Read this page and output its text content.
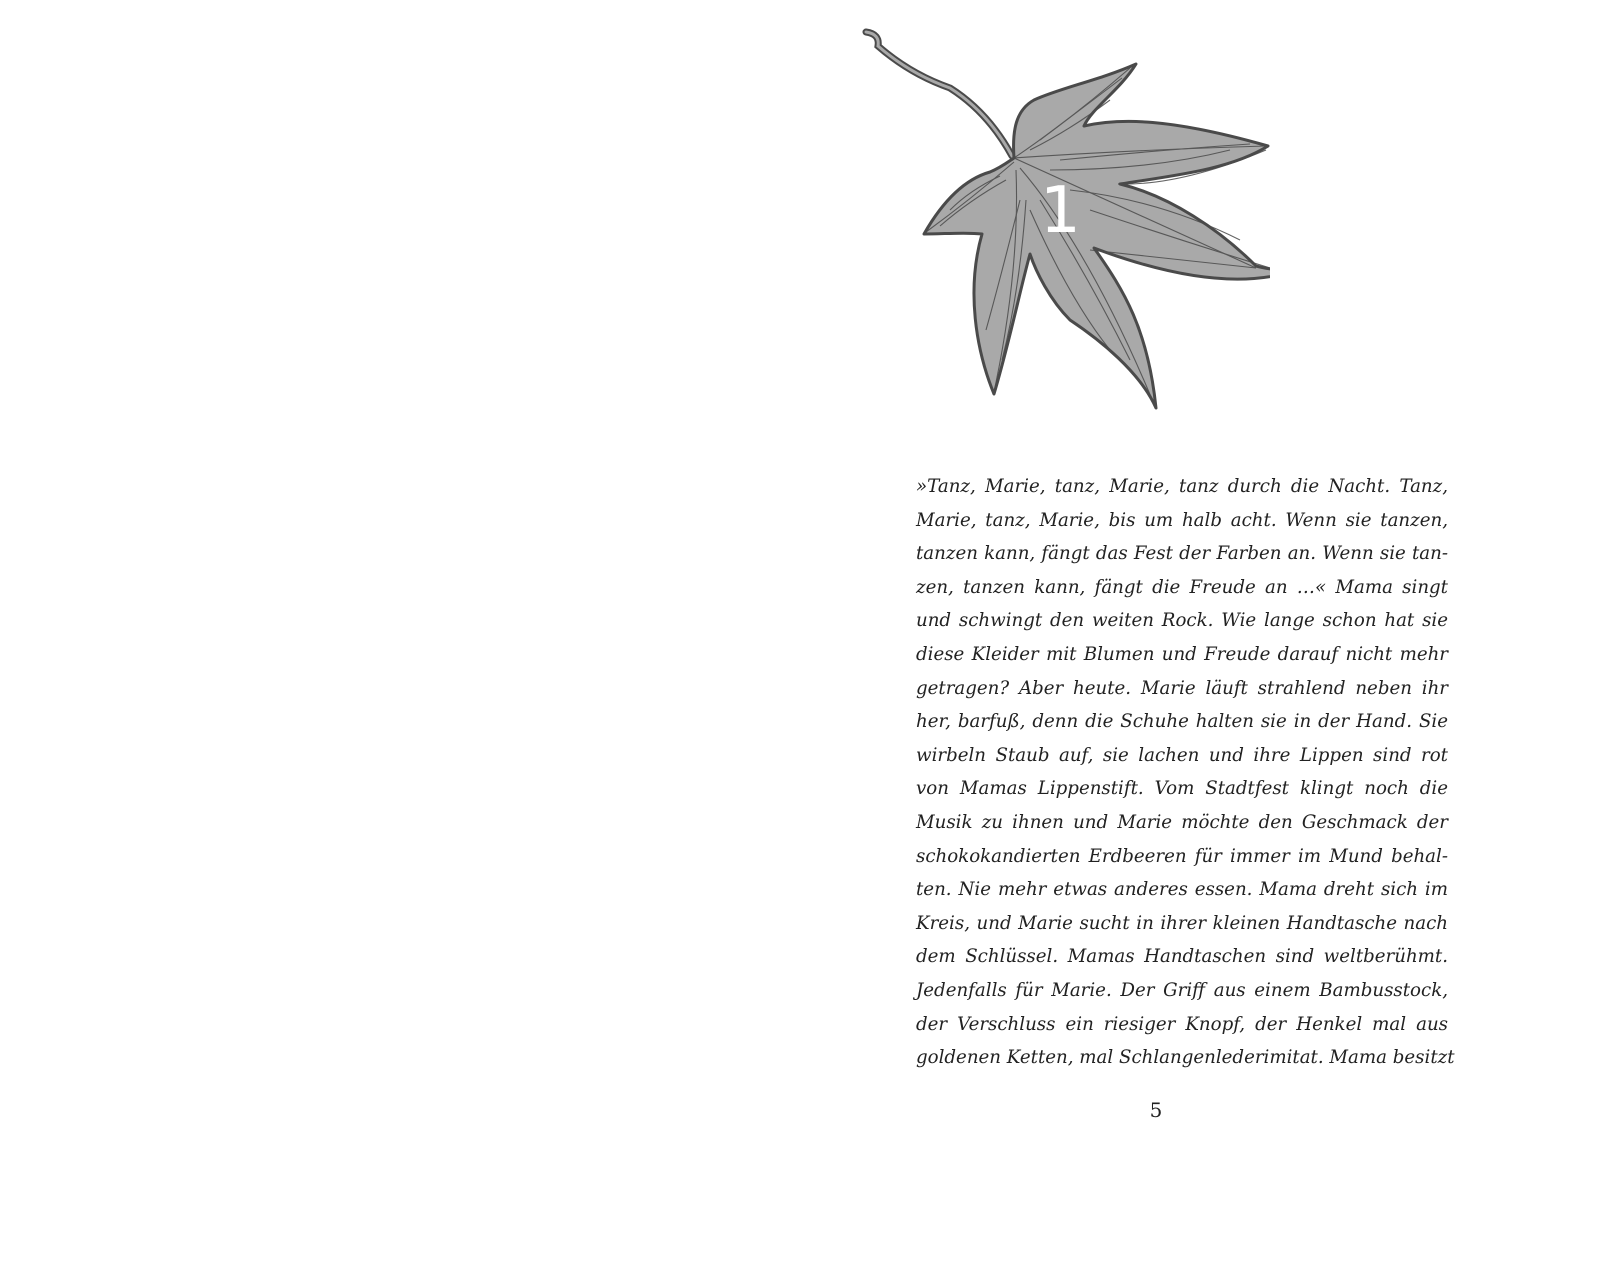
1
»Tanz, Marie, tanz, Marie, tanz durch die Nacht. Tanz,
Marie, tanz, Marie, bis um halb acht. Wenn sie tanzen,
tanzen kann, fängt das Fest der Farben an. Wenn sie tan-
zen, tanzen kann, fängt die Freude an …« Mama singt
und schwingt den weiten Rock. Wie lange schon hat sie
diese Kleider mit Blumen und Freude darauf nicht mehr
getragen? Aber heute. Marie läuft strahlend neben ihr
her, barfuß, denn die Schuhe halten sie in der Hand. Sie
wirbeln Staub auf, sie lachen und ihre Lippen sind rot
von Mamas Lippenstift. Vom Stadtfest klingt noch die
Musik zu ihnen und Marie möchte den Geschmack der
schokokandierten Erdbeeren für immer im Mund behal-
ten. Nie mehr etwas anderes essen. Mama dreht sich im
Kreis, und Marie sucht in ihrer kleinen Handtasche nach
dem Schlüssel. Mamas Handtaschen sind weltberühmt.
Jedenfalls für Marie. Der Griff aus einem Bambusstock,
der Verschluss ein riesiger Knopf, der Henkel mal aus
goldenen Ketten, mal Schlangenlederimitat. Mama besitzt
5
